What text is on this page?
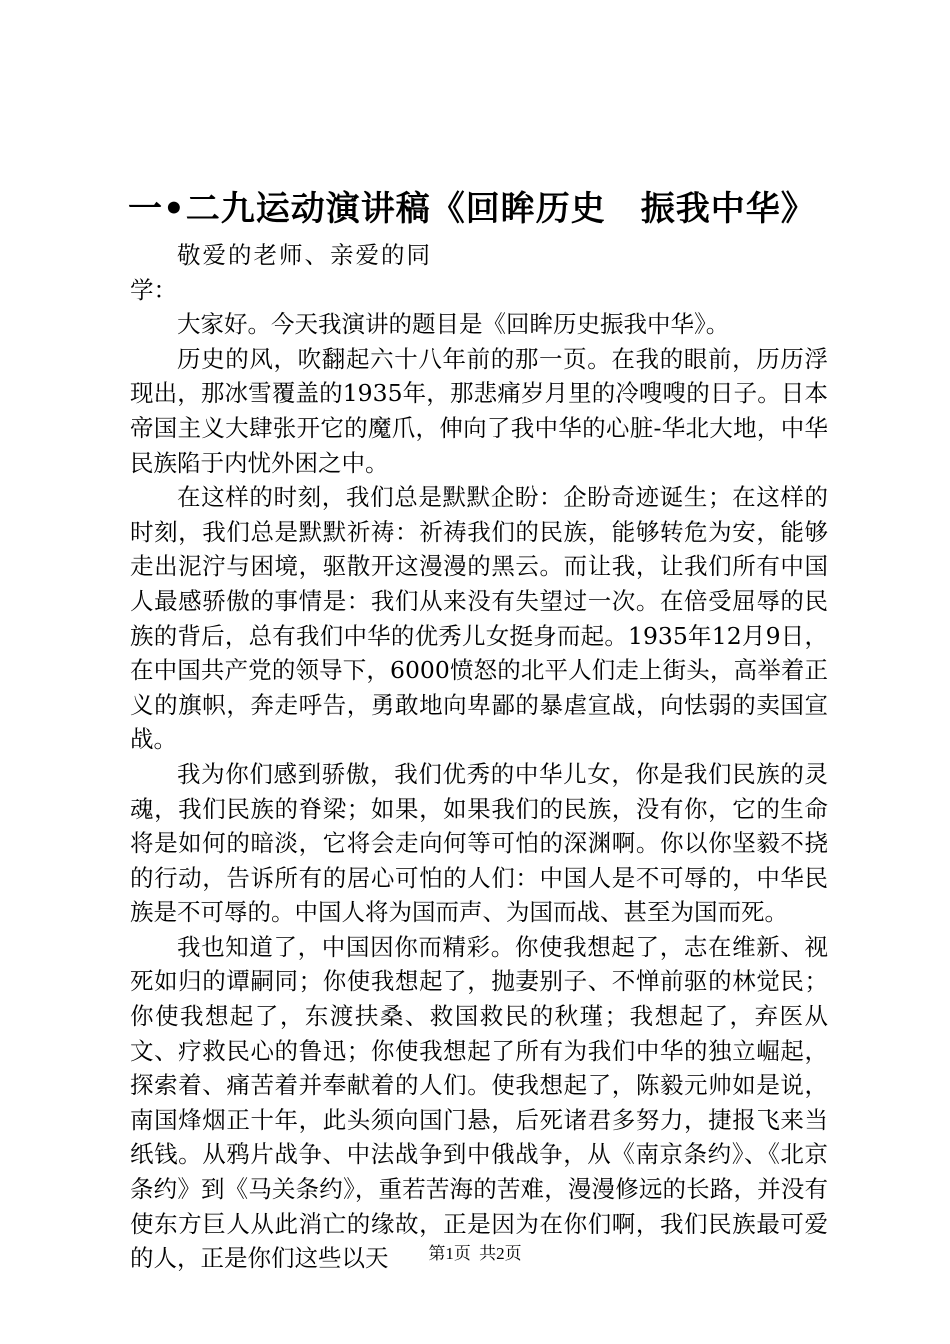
一•二九运动演讲稿《回眸历史　振我中华》

敬爱的老师、亲爱的同学：

大家好。今天我演讲的题目是《回眸历史振我中华》。

历史的风，吹翻起六十八年前的那一页。在我的眼前，历历浮现出，那冰雪覆盖的1935年，那悲痛岁月里的冷嗖嗖的日子。日本帝国主义大肆张开它的魔爪，伸向了我中华的心脏-华北大地，中华民族陷于内忧外困之中。

在这样的时刻，我们总是默默企盼：企盼奇迹诞生；在这样的时刻，我们总是默默祈祷：祈祷我们的民族，能够转危为安，能够走出泥泞与困境，驱散开这漫漫的黑云。而让我，让我们所有中国人最感骄傲的事情是：我们从来没有失望过一次。在倍受屈辱的民族的背后，总有我们中华的优秀儿女挺身而起。1935年12月9日，在中国共产党的领导下，6000愤怒的北平人们走上街头，高举着正义的旗帜，奔走呼告，勇敢地向卑鄙的暴虐宣战，向怯弱的卖国宣战。

我为你们感到骄傲，我们优秀的中华儿女，你是我们民族的灵魂，我们民族的脊梁；如果，如果我们的民族，没有你，它的生命将是如何的暗淡，它将会走向何等可怕的深渊啊。你以你坚毅不挠的行动，告诉所有的居心可怕的人们：中国人是不可辱的，中华民族是不可辱的。中国人将为国而声、为国而战、甚至为国而死。

我也知道了，中国因你而精彩。你使我想起了，志在维新、视死如归的谭嗣同；你使我想起了，抛妻别子、不惮前驱的林觉民；你使我想起了，东渡扶桑、救国救民的秋瑾；我想起了，弃医从文、疗救民心的鲁迅；你使我想起了所有为我们中华的独立崛起，探索着、痛苦着并奉献着的人们。使我想起了，陈毅元帅如是说，南国烽烟正十年，此头须向国门悬，后死诸君多努力，捷报飞来当纸钱。从鸦片战争、中法战争到中俄战争，从《南京条约》、《北京条约》到《马关条约》，重若苦海的苦难，漫漫修远的长路，并没有使东方巨人从此消亡的缘故，正是因为在你们啊，我们民族最可爱的人，正是你们这些以天	第1页 共2页
